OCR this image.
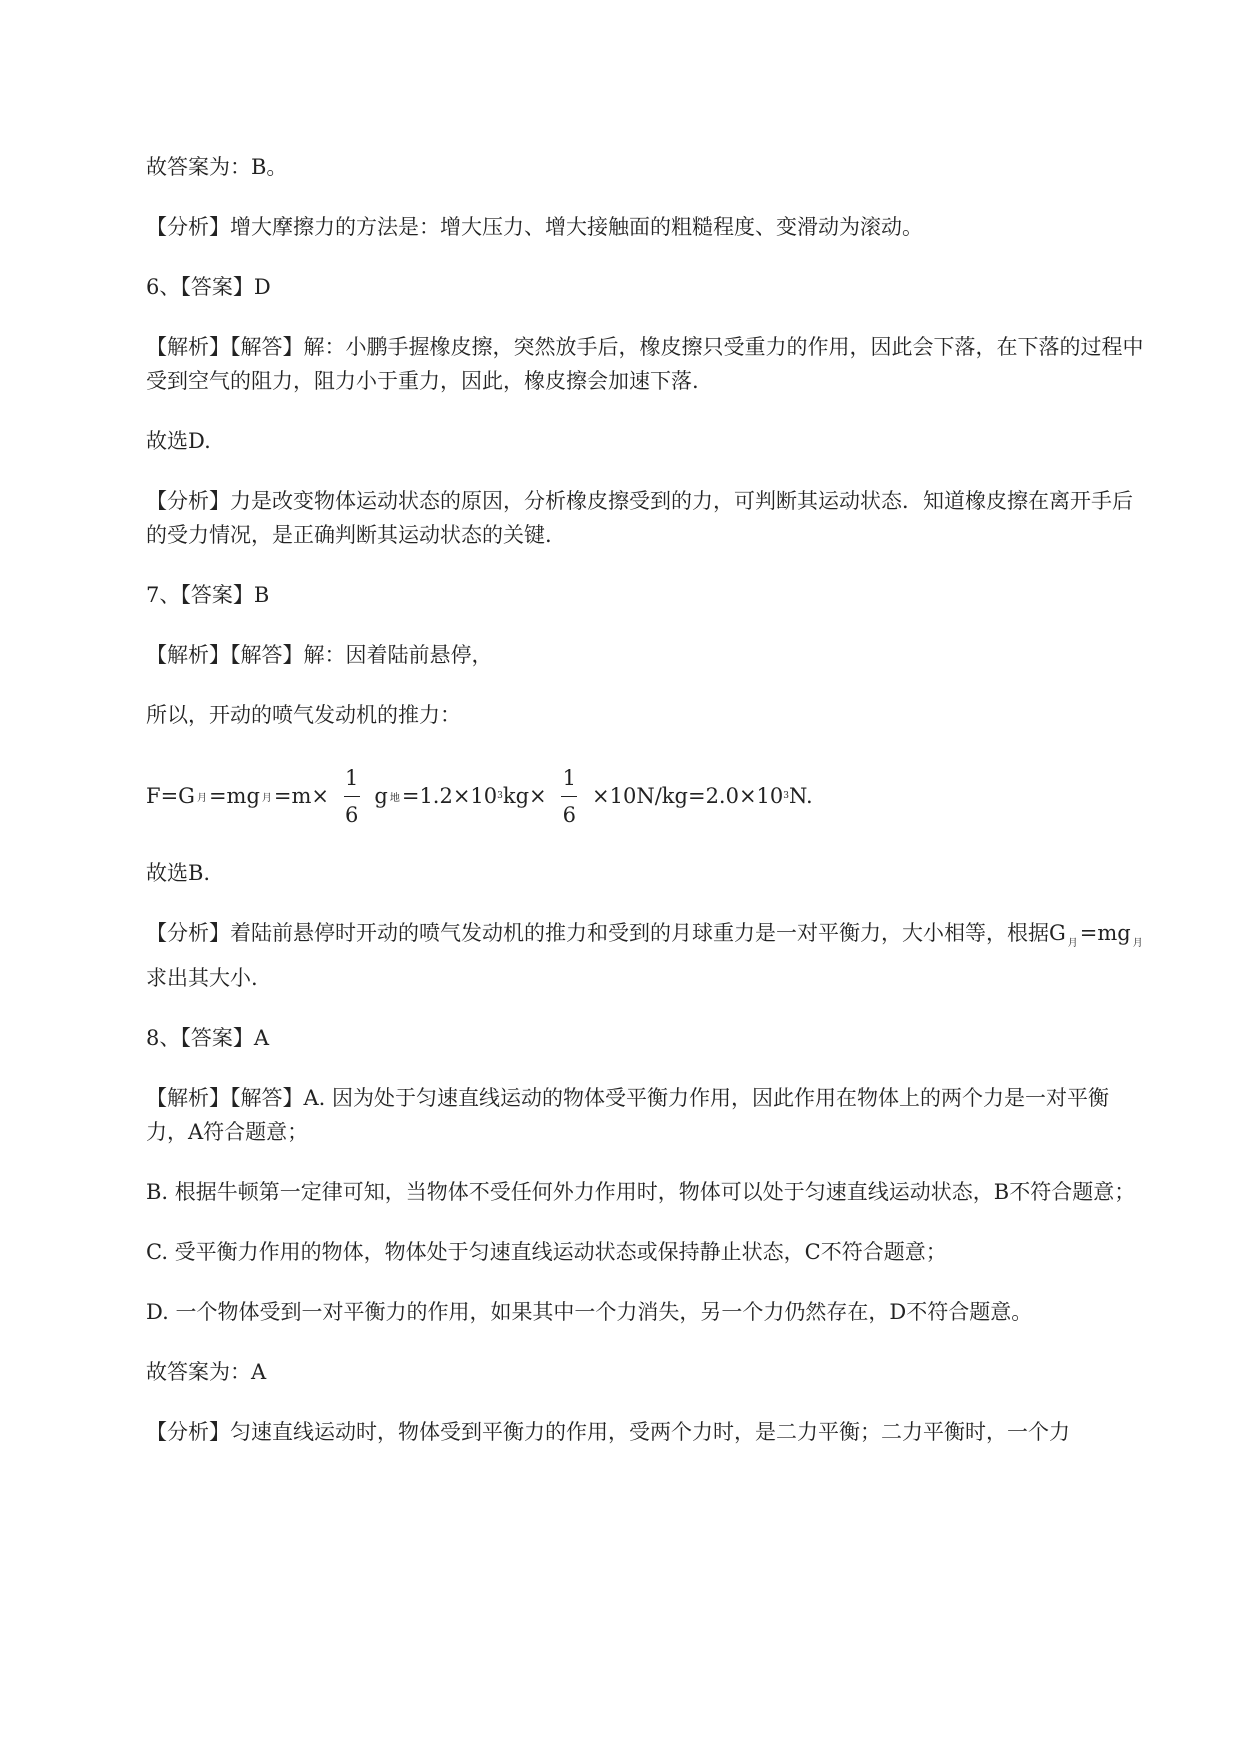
故答案为：B。

【分析】增大摩擦力的方法是：增大压力、增大接触面的粗糙程度、变滑动为滚动。

6、【答案】D

【解析】【解答】解：小鹏手握橡皮擦，突然放手后，橡皮擦只受重力的作用，因此会下落，在下落的过程中受到空气的阻力，阻力小于重力，因此，橡皮擦会加速下落.

故选D.

【分析】力是改变物体运动状态的原因，分析橡皮擦受到的力，可判断其运动状态．知道橡皮擦在离开手后的受力情况，是正确判断其运动状态的关键.

7、【答案】B

【解析】【解答】解：因着陆前悬停，

所以，开动的喷气发动机的推力：

F=G 月 =mg 月 $=m\times \frac{1}{6}$ g 地 =1.2×10 3 $kg\times \frac{1}{6} \times 10N/kg=2.0\times 10$ 3 N.

故选B.

【分析】着陆前悬停时开动的喷气发动机的推力和受到的月球重力是一对平衡力，大小相等，根据G $_月$=mg $_月$求出其大小.

8、【答案】A

【解析】【解答】A. 因为处于匀速直线运动的物体受平衡力作用，因此作用在物体上的两个力是一对平衡力，A符合题意；

B. 根据牛顿第一定律可知，当物体不受任何外力作用时，物体可以处于匀速直线运动状态，B不符合题意；

C. 受平衡力作用的物体，物体处于匀速直线运动状态或保持静止状态，C不符合题意；

D. 一个物体受到一对平衡力的作用，如果其中一个力消失，另一个力仍然存在，D不符合题意。

故答案为：A

【分析】匀速直线运动时，物体受到平衡力的作用，受两个力时，是二力平衡；二力平衡时，一个力
